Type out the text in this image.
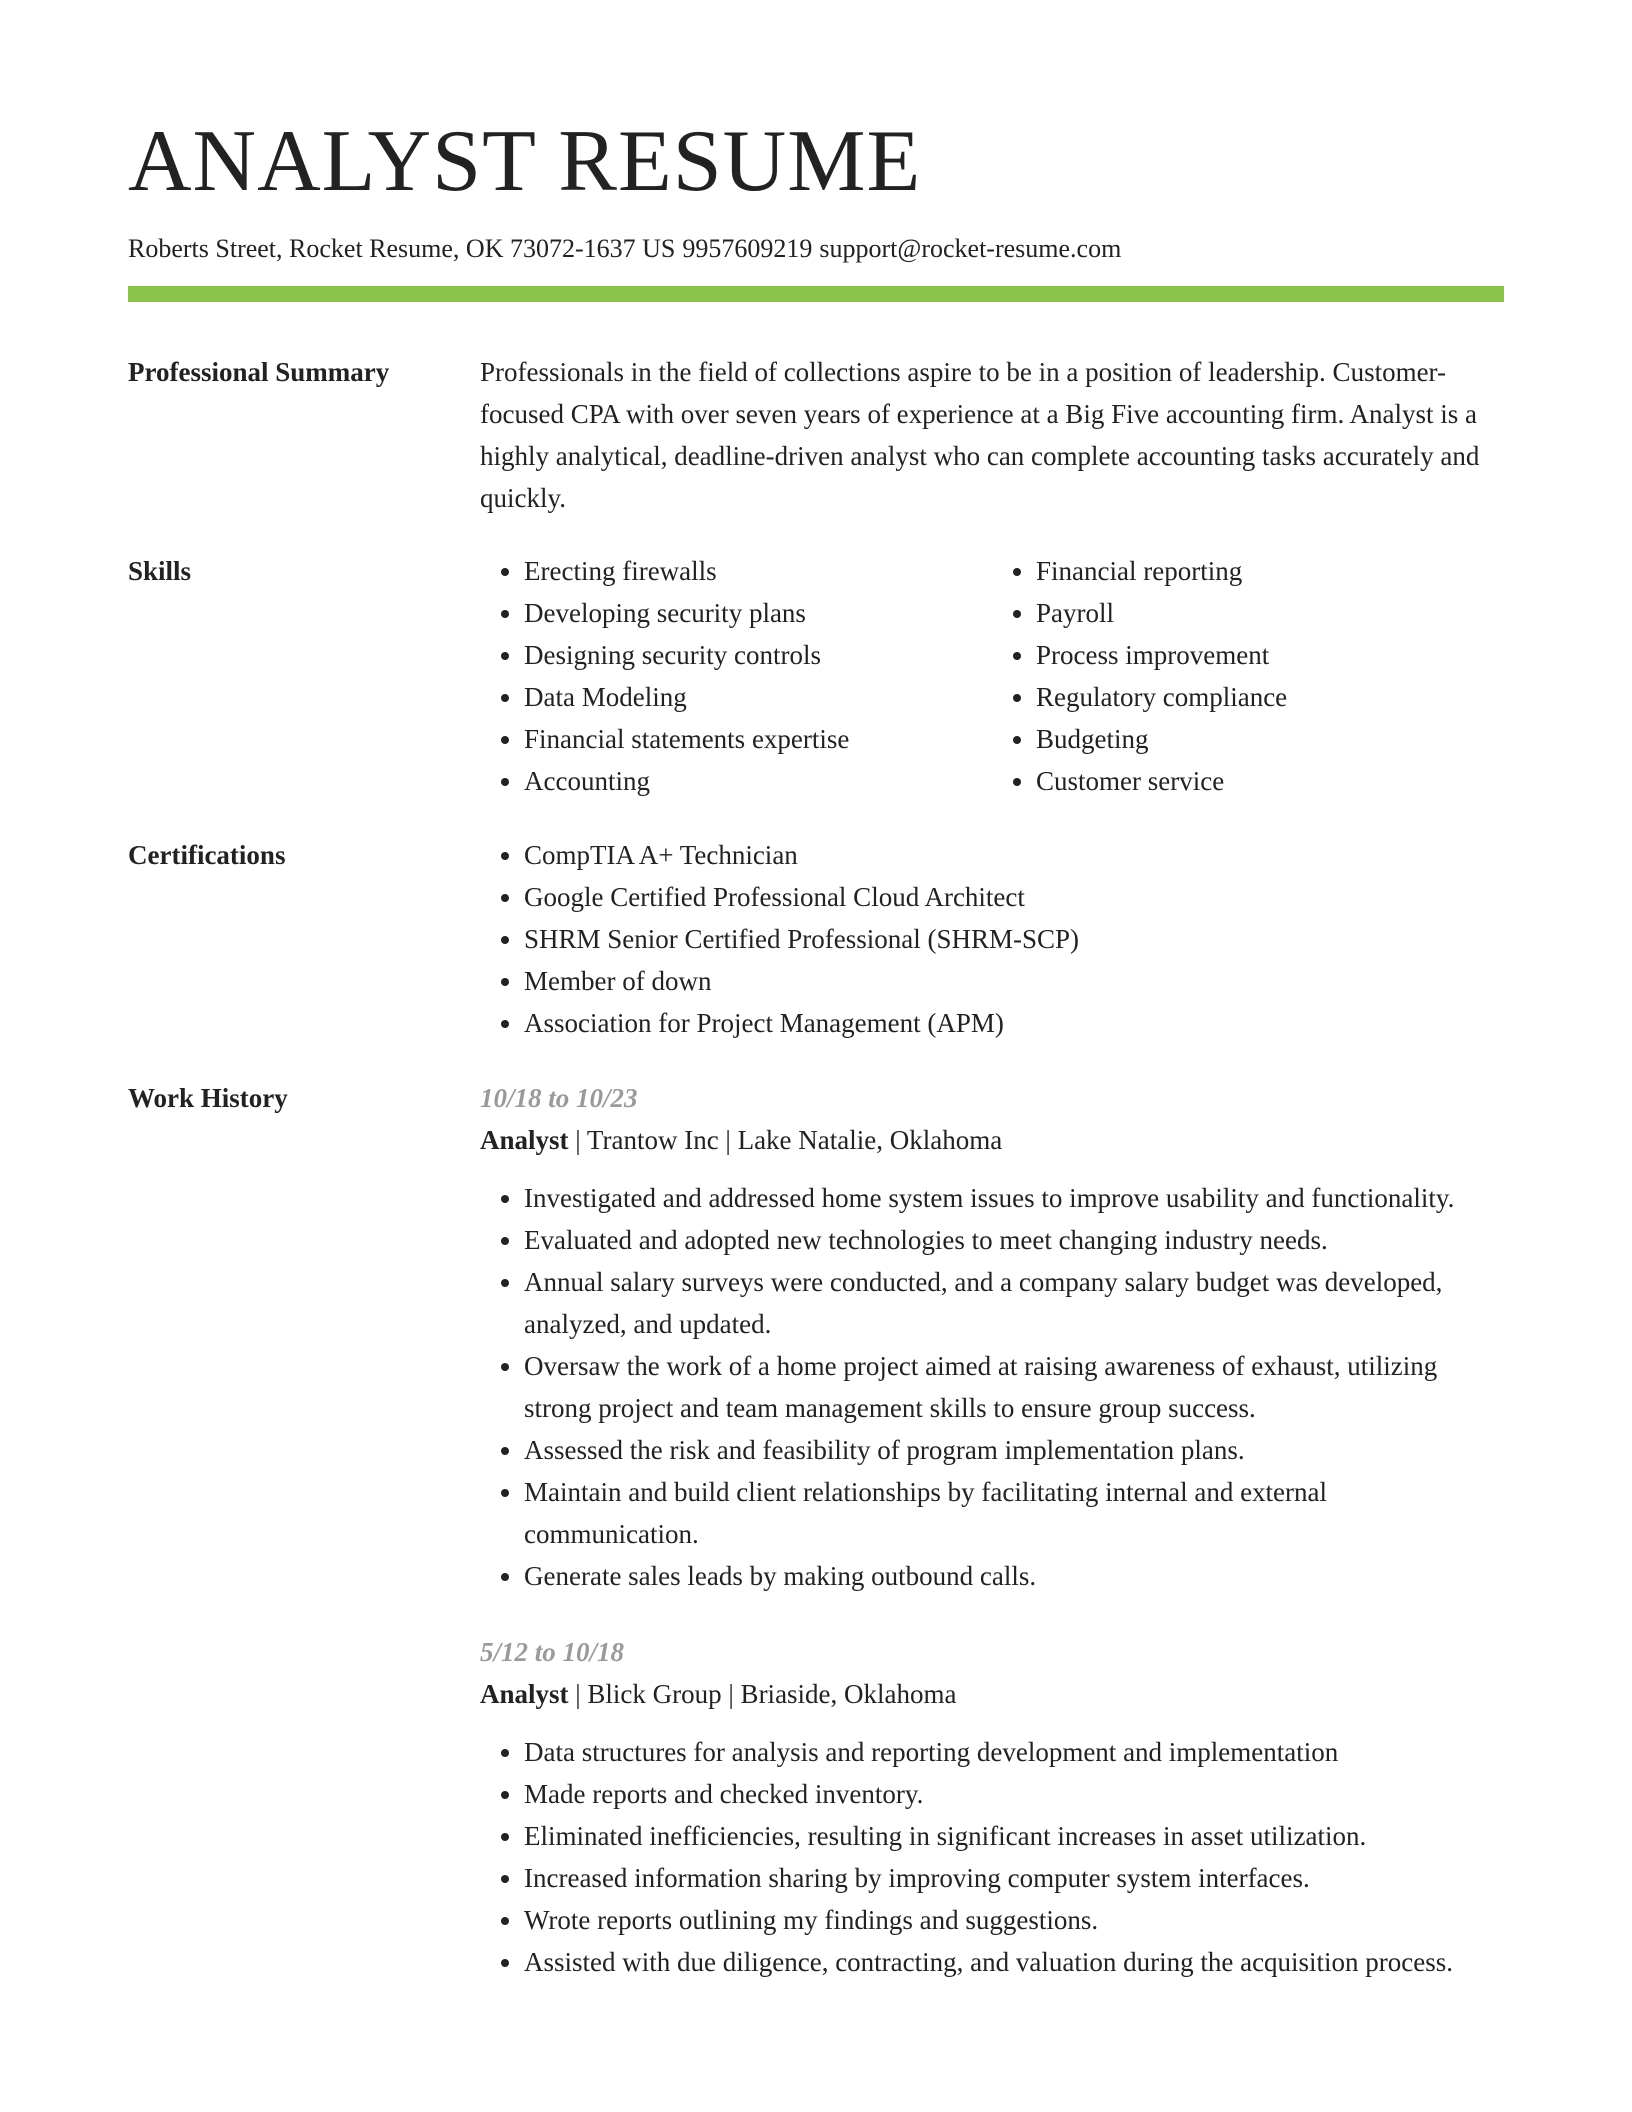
ANALYST RESUME
Roberts Street, Rocket Resume, OK 73072-1637 US 9957609219 support@rocket-resume.com
Professional Summary	Professionals in the field of collections aspire to be in a position of leadership. Customer-focused CPA with over seven years of experience at a Big Five accounting firm. Analyst is a highly analytical, deadline-driven analyst who can complete accounting tasks accurately and quickly.

Skills	• Erecting firewalls
• Developing security plans
• Designing security controls
• Data Modeling
• Financial statements expertise
• Accounting
• Financial reporting
• Payroll
• Process improvement
• Regulatory compliance
• Budgeting
• Customer service
Certifications	• CompTIA A+ Technician
• Google Certified Professional Cloud Architect
• SHRM Senior Certified Professional (SHRM-SCP)
• Member of down
• Association for Project Management (APM)
Work History	10/18 to 10/23
Analyst | Trantow Inc | Lake Natalie, Oklahoma
• Investigated and addressed home system issues to improve usability and functionality.
• Evaluated and adopted new technologies to meet changing industry needs.
• Annual salary surveys were conducted, and a company salary budget was developed, analyzed, and updated.
• Oversaw the work of a home project aimed at raising awareness of exhaust, utilizing strong project and team management skills to ensure group success.
• Assessed the risk and feasibility of program implementation plans.
• Maintain and build client relationships by facilitating internal and external communication.
• Generate sales leads by making outbound calls.
5/12 to 10/18
Analyst | Blick Group | Briaside, Oklahoma
• Data structures for analysis and reporting development and implementation
• Made reports and checked inventory.
• Eliminated inefficiencies, resulting in significant increases in asset utilization.
• Increased information sharing by improving computer system interfaces.
• Wrote reports outlining my findings and suggestions.
• Assisted with due diligence, contracting, and valuation during the acquisition process.
